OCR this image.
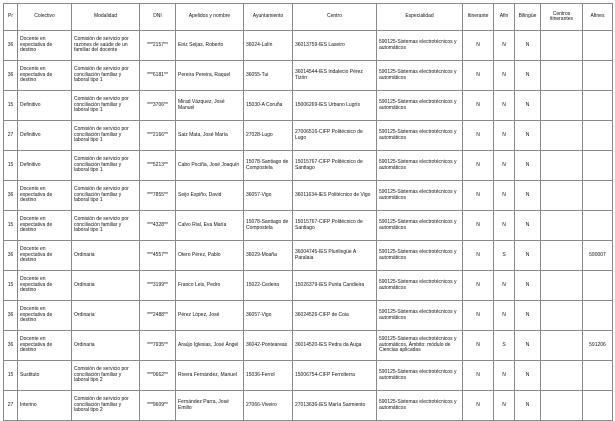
Pr	Colectivo	Modalidad	DNI	Apelidos y nombre	Ayuntamiento	Centro	Especialidad	Itinerante	Afin	Bilingüe	Centros itinerantes	Afines
36	Docente en expectativa de destino	Comisión de servicio por razones de saúde de un familiar del docente	***2157**	Eiriz Seijas, Roberto	36024-Lalín	36013759-IES Laxeiro	590125-Sistemas electrotécnicos y automáticos	N	N	N		
36	Docente en expectativa de destino	Comisión de servicio por conciliación familiar y laboral tipo 1	***6181**	Pereira Pereira, Raquel	36055-Tui	36014544-IES Indalecio Pérez Tizón	590125-Sistemas electrotécnicos y automáticos	N	N	N		
15	Definitivo	Comisión de servicio por conciliación familiar y laboral tipo 1	***3706**	Mirad Vázquez, José Manuel	15030-A Coruña	15006269-IES Urbano Lugrís	590125-Sistemas electrotécnicos y automáticos	N	N	N		
27	Definitivo	Comisión de servicio por conciliación familiar y laboral tipo 1	***2166**	Saiz Mata, José María	27028-Lugo	27006516-CIFP Politécnico de Lugo	590125-Sistemas electrotécnicos y automáticos	N	N	N		
15	Definitivo	Comisión de servicio por conciliación familiar y laboral tipo 1	***5213**	Cabo Pociña, José Joaquín	15078-Santiago de Compostela	15015767-CIFP Politécnico de Santiago	590125-Sistemas electrotécnicos y automáticos	N	N	N		
36	Docente en expectativa de destino	Comisión de servicio por conciliación familiar y laboral tipo 1	***7855**	Seijo Espiño, David	36057-Vigo	36011634-IES Politécnico de Vigo	590125-Sistemas electrotécnicos y automáticos	N	N	N		
15	Docente en expectativa de destino	Comisión de servicio por conciliación familiar y laboral tipo 1	***4328**	Calvo Rial, Eva María	15078-Santiago de Compostela	15015767-CIFP Politécnico de Santiago	590125-Sistemas electrotécnicos y automáticos	N	N	N		
36	Docente en expectativa de destino	Ordinaria	***4557**	Otero Pérez, Pablo	36029-Moaña	36004745-IES Plurilingüe A Paralaia	590125-Sistemas electrotécnicos y automáticos	N	S	N		590007
15	Docente en expectativa de destino	Ordinaria	***3199**	Franco Leis, Pedro	15022-Cedeira	15026379-IES Punta Candieira	590125-Sistemas electrotécnicos y automáticos	N	N	N		
36	Docente en expectativa de destino	Ordinaria	***2488**	Pérez López, José	36057-Vigo	36024526-CIFP de Coia	590125-Sistemas electrotécnicos y automáticos	N	N	N		
36	Docente en expectativa de destino	Ordinaria	***7935**	Araújo Iglesias, José Ángel	36042-Ponteareas	36014520-IES Pedra da Auga	590125-Sistemas electrotécnicos y automáticos, Ámbito: módulo de Ciencias aplicadas	N	S	N		591206
15	Sustituto	Comisión de servicio por conciliación familiar y laboral tipo 2	***0662**	Rivera Fernández, Manuel	15036-Ferrol	15006754-CIFP Ferrolterra	590125-Sistemas electrotécnicos y automáticos	N	N	N		
27	Interino	Comisión de servicio por conciliación familiar y laboral tipo 2	***9609**	Fernández Parra, José Emilio	27066-Viveiro	27013636-IES María Sarmiento	590125-Sistemas electrotécnicos y automáticos	N	N	N		
